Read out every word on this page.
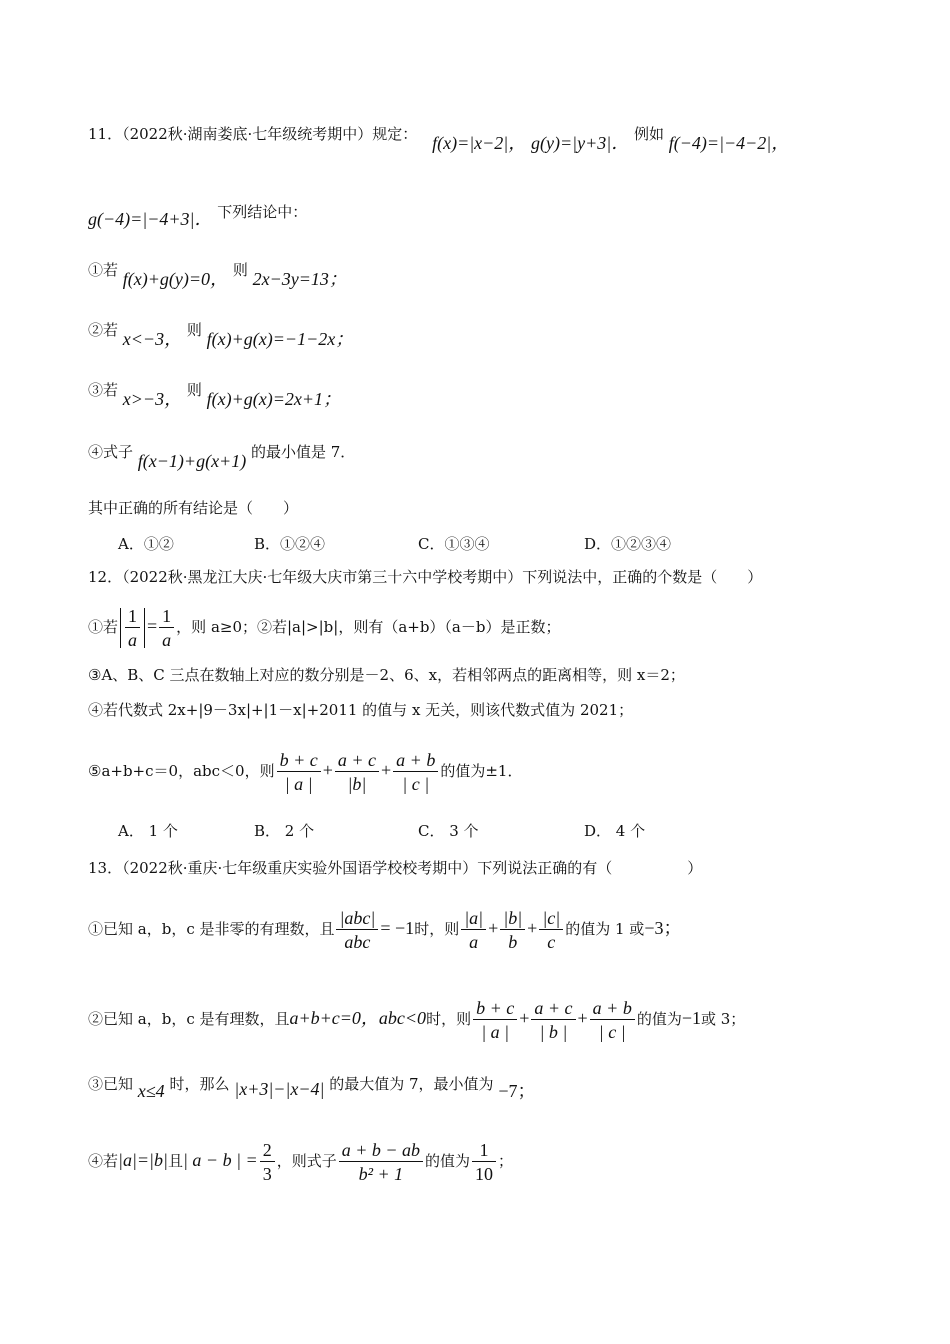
11．（2022秋·湖南娄底·七年级统考期中）规定： f(x)=|x−2|， g(y)=|y+3|． 例如 f(−4)=|−4−2|，
g(−4)=|−4+3|． 下列结论中：
①若 f(x)+g(y)=0， 则 2x−3y=13；
②若 x<−3， 则 f(x)+g(x)=−1−2x；
③若 x>−3， 则 f(x)+g(x)=2x+1；
④式子 f(x−1)+g(x+1) 的最小值是 7．
其中正确的所有结论是（　　）
A．①②	B．①②④	C．①③④	D．①②③④
12．（2022秋·黑龙江大庆·七年级大庆市第三十六中学校考期中）下列说法中，正确的个数是（　　）
①若 $\frac{1}{a} = \frac{1}{a}$ ，则 a≥0；②若|a|>|b|，则有（a+b）（a－b）是正数；
③A、B、C 三点在数轴上对应的数分别是－2、6、x，若相邻两点的距离相等，则 x＝2；
④若代数式 2x+|9－3x|+|1－x|+2011 的值与 x 无关，则该代数式值为 2021；
⑤a+b+c＝0，abc＜0，则 $\frac{b + c}{| a |} + \frac{a + c}{|b|} + \frac{a + b}{| c |}$ 的值为±1．
A． 1 个	B． 2 个	C． 3 个	D． 4 个
13．（2022秋·重庆·七年级重庆实验外国语学校校考期中）下列说法正确的有（　　　　　）
①已知 a，b，c 是非零的有理数，且 $\frac{\text{|abc|}}{\text{abc}} = -1$时，则 $\frac{|a|}{a} + \frac{|b|}{b} + \frac{|c|}{c}$ 的值为 1 或−3；
②已知 a，b，c 是有理数，且a+b+c=0，abc<0时，则 $\frac{b + c}{| a |} + \frac{a + c}{| b |} + \frac{a + b}{| c |}$ 的值为−1或 3；
③已知 x≤4 时，那么 |x+3|−|x−4| 的最大值为 7，最小值为 −7；
④若|a|=|b|且| a − b | = $\frac{2}{3}$ ，则式子 $\frac{a + b - ab}{\text{b² + 1}}$ 的值为 $\frac{1}{10}$ ；
